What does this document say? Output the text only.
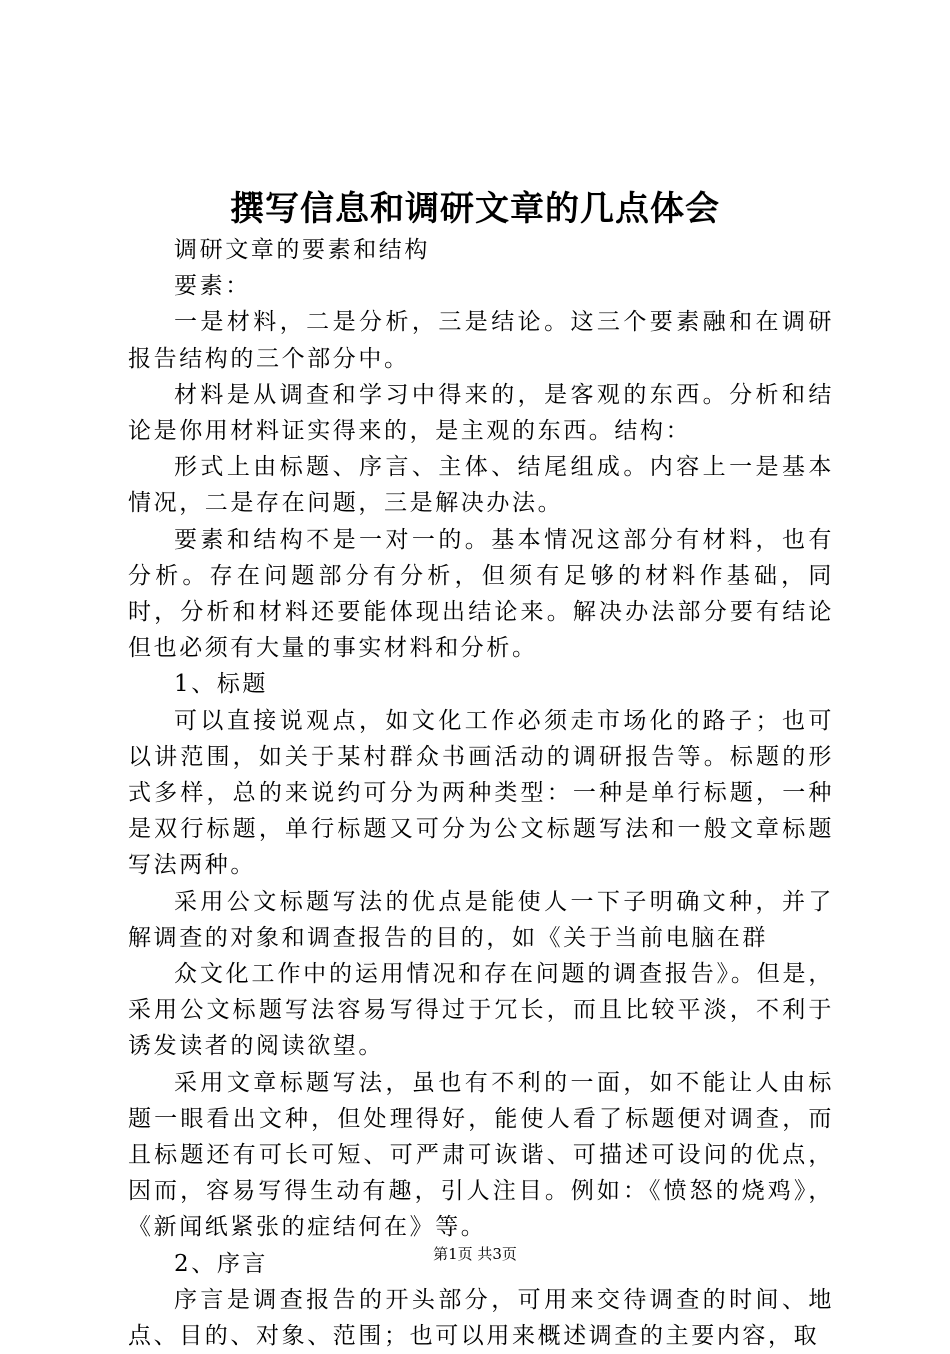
撰写信息和调研文章的几点体会

调研文章的要素和结构

要素：

一是材料，二是分析，三是结论。这三个要素融和在调研报告结构的三个部分中。

材料是从调查和学习中得来的，是客观的东西。分析和结论是你用材料证实得来的，是主观的东西。结构：

形式上由标题、序言、主体、结尾组成。内容上一是基本情况，二是存在问题，三是解决办法。

要素和结构不是一对一的。基本情况这部分有材料，也有分析。存在问题部分有分析，但须有足够的材料作基础，同时，分析和材料还要能体现出结论来。解决办法部分要有结论但也必须有大量的事实材料和分析。

1、标题

可以直接说观点，如文化工作必须走市场化的路子；也可以讲范围，如关于某村群众书画活动的调研报告等。标题的形式多样，总的来说约可分为两种类型：一种是单行标题，一种是双行标题，单行标题又可分为公文标题写法和一般文章标题写法两种。

采用公文标题写法的优点是能使人一下子明确文种，并了解调查的对象和调查报告的目的，如《关于当前电脑在群

众文化工作中的运用情况和存在问题的调查报告》。但是，采用公文标题写法容易写得过于冗长，而且比较平淡，不利于诱发读者的阅读欲望。

采用文章标题写法，虽也有不利的一面，如不能让人由标题一眼看出文种，但处理得好，能使人看了标题便对调查，而且标题还有可长可短、可严肃可诙谐、可描述可设问的优点，因而，容易写得生动有趣，引人注目。例如：《愤怒的烧鸡》，《新闻纸紧张的症结何在》等。

2、序言

序言是调查报告的开头部分，可用来交待调查的时间、地点、目的、对象、范围；也可以用来概述调查的主要内容，取

第1页 共3页
